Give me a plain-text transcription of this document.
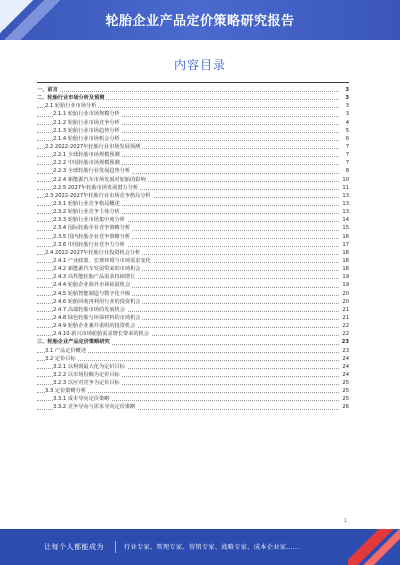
轮胎企业产品定价策略研究报告
内容目录
一、前言	3
二、轮胎行业市场分析及预测	3
2.1 轮胎行业市场分析	3
2.1.1 轮胎行业市场规模分析	3
2.1.2 轮胎行业市场竞争分析	4
2.1.3 轮胎行业市场趋势分析	5
2.1.4 轮胎行业市场机会分析	6
2.2 2022-2027年轮胎行业市场发展预测	7
2.2.1 全球轮胎市场规模预测	7
2.2.2 中国轮胎市场规模预测	7
2.2.3 全球轮胎行业发展趋势分析	8
2.2.4 新能源汽车市场发展对轮胎的影响	10
2.2.5 2027年轮胎市场发展潜力分析	11
2.3 2022-2027年轮胎行业市场竞争格局分析	13
2.3.1 轮胎行业竞争格局概述	13
2.3.2 轮胎行业竞争主体分析	13
2.3.3 轮胎行业市场集中度分析	14
2.3.4 国际轮胎企业竞争策略分析	15
2.3.5 国内轮胎企业竞争策略分析	16
2.3.6 中国轮胎行业竞争力分析	17
2.4 2022-2027年轮胎行业投资机会分析	18
2.4.1 产业政策、宏观环境与市场需求变化	18
2.4.2 新能源汽车发展带来的市场机会	18
2.4.3 高性能轮胎产品需求持续增长	19
2.4.4 轮胎企业海外市场拓展机会	19
2.4.5 轮胎智能制造与数字化升级	20
2.4.6 轮胎回收再利用行业的投资机会	20
2.4.7 高端轮胎市场的发展机会	21
2.4.8 绿色轮胎与环保材料的市场机会	21
2.4.9 轮胎企业兼并重组的投资机会	22
2.4.10 新兴市场轮胎需求增长带来的机会	22
三、轮胎企业产品定价策略研究	23
3.1 产品定价概述	23
3.2 定价目标	24
3.2.1 以利润最大化为定价目标	24
3.2.2 以市场份额为定价目标	24
3.2.3 以应对竞争为定价目标	25
3.3 定价策略分析	25
3.3.1 成本导向定价策略	25
3.3.2 竞争导向与需求导向定价策略	26
1
让每个人都能成为	行业专家、管理专家、营销专家、战略专家、成本企业家……
